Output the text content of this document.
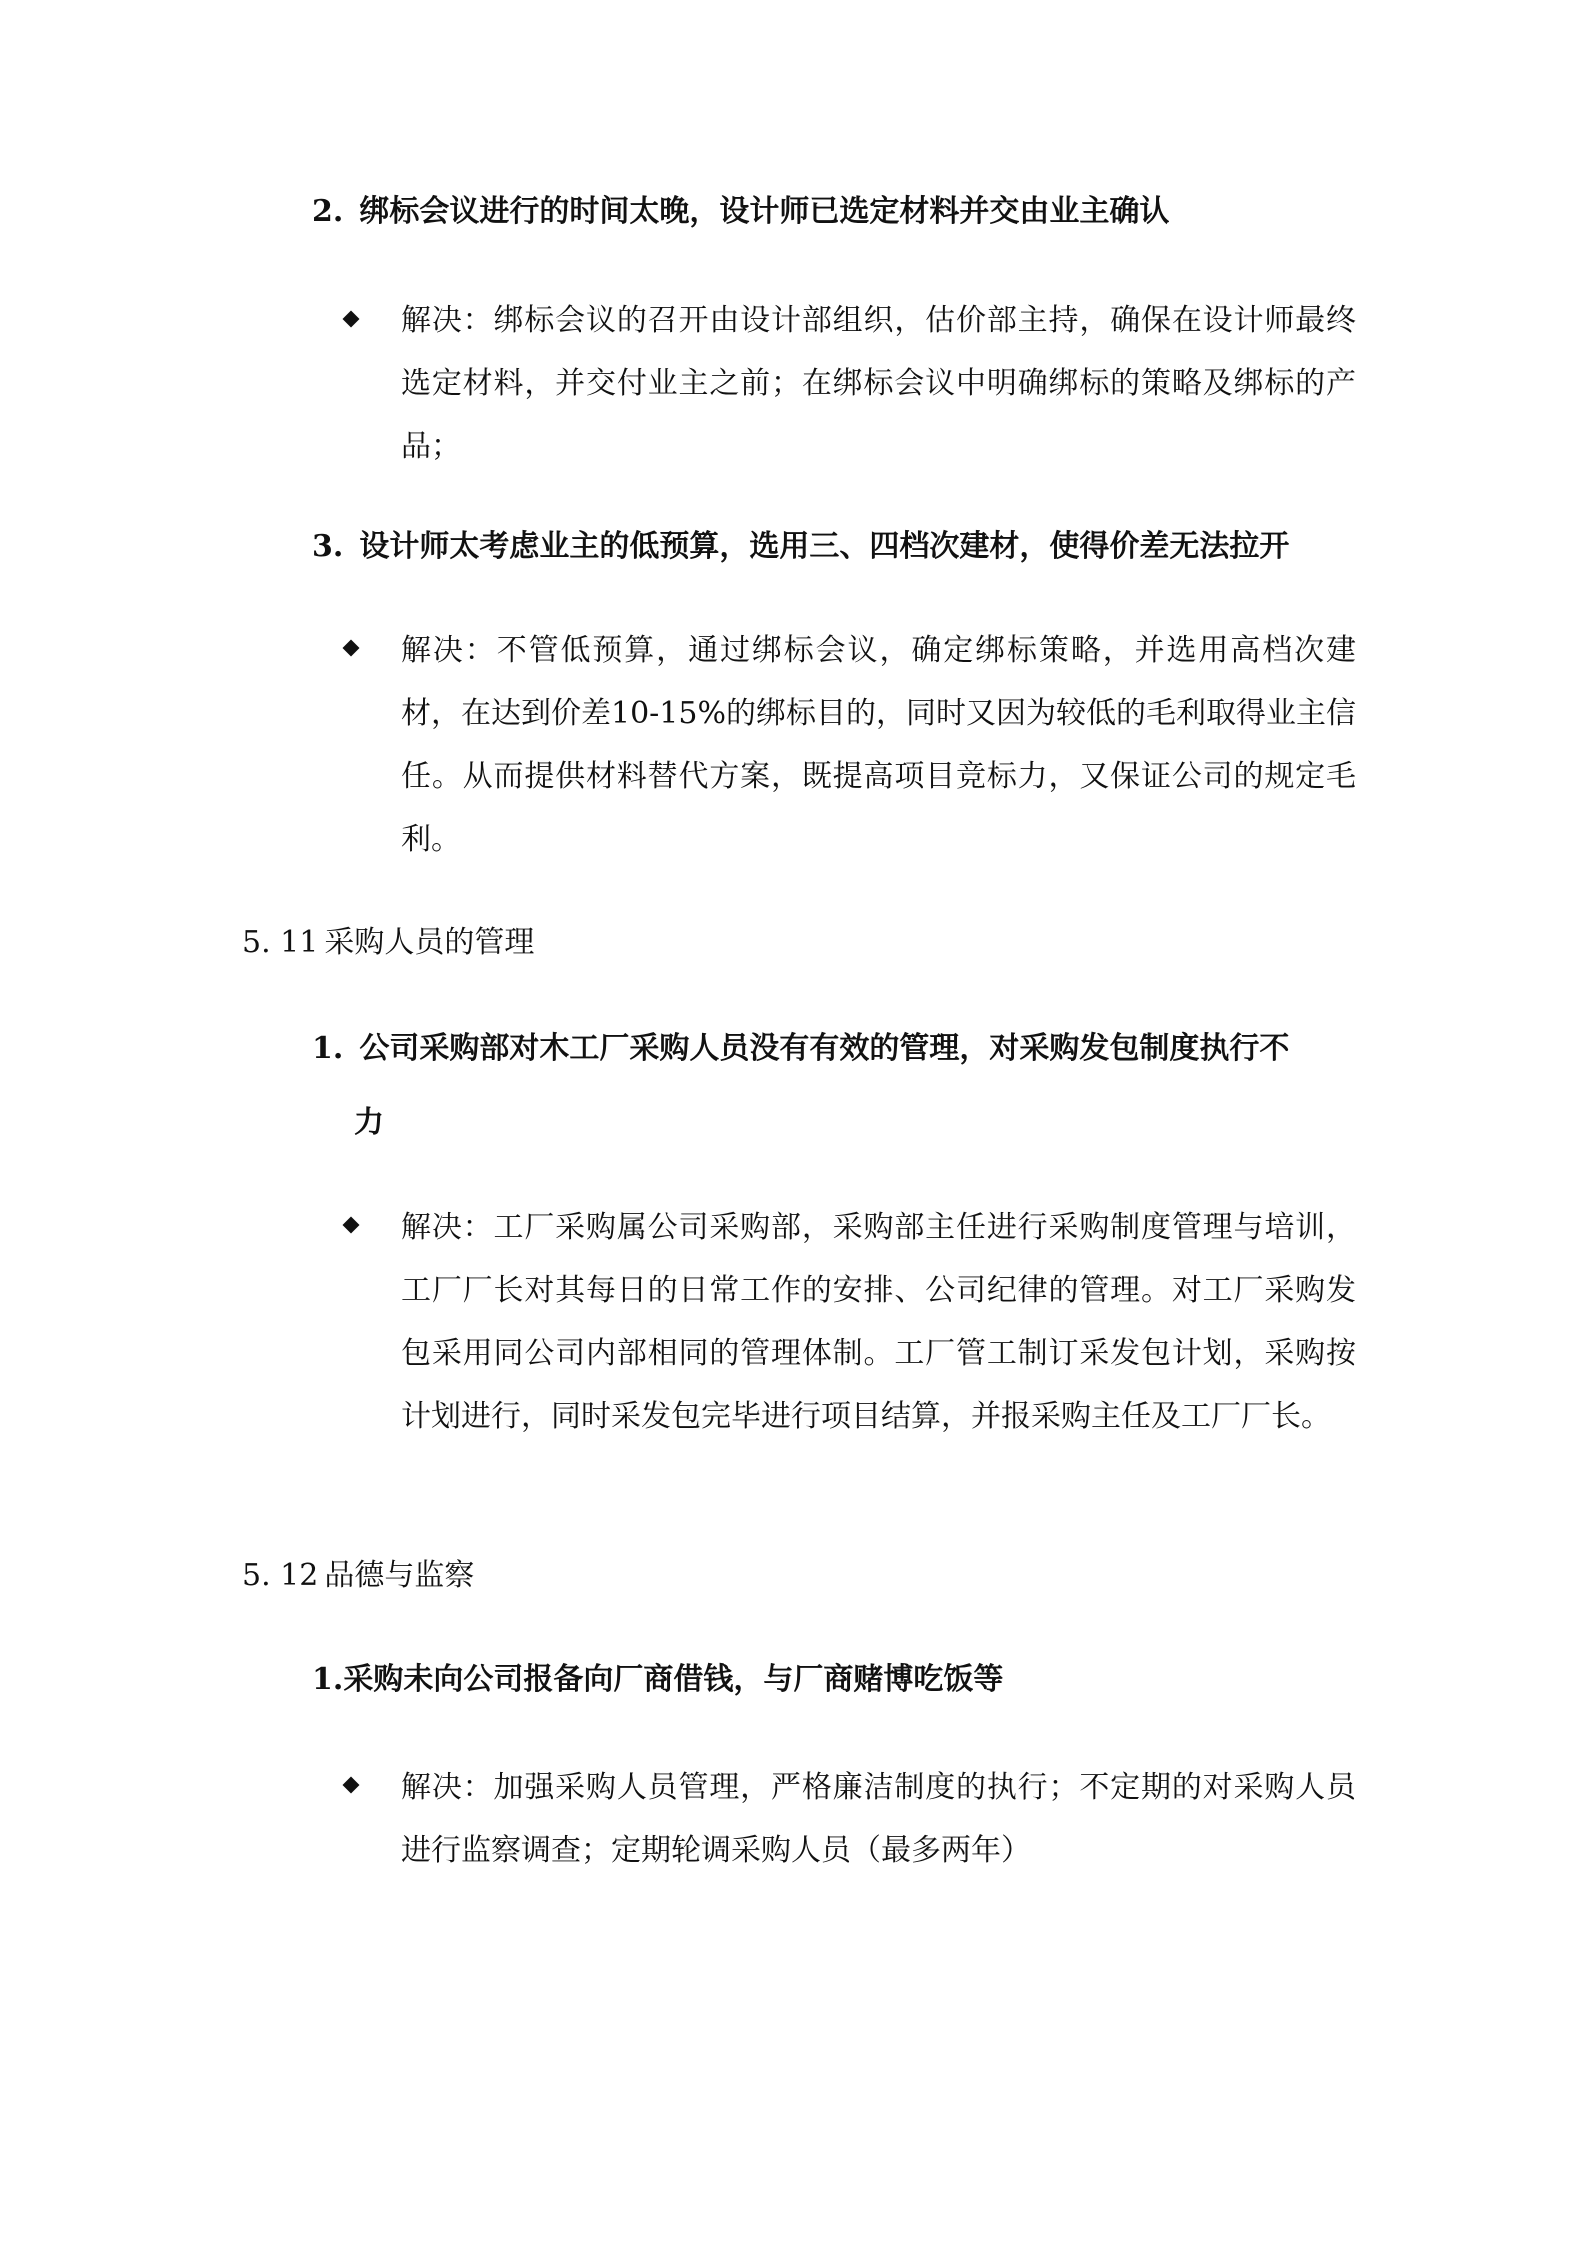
2. 绑标会议进行的时间太晚，设计师已选定材料并交由业主确认
解决：绑标会议的召开由设计部组织，估价部主持，确保在设计师最终选定材料，并交付业主之前；在绑标会议中明确绑标的策略及绑标的产品；
3. 设计师太考虑业主的低预算，选用三、四档次建材，使得价差无法拉开
解决：不管低预算，通过绑标会议，确定绑标策略，并选用高档次建材，在达到价差10-15%的绑标目的，同时又因为较低的毛利取得业主信任。从而提供材料替代方案，既提高项目竞标力，又保证公司的规定毛利。
5. 11 采购人员的管理
1. 公司采购部对木工厂采购人员没有有效的管理，对采购发包制度执行不
力
解决：工厂采购属公司采购部，采购部主任进行采购制度管理与培训，工厂厂长对其每日的日常工作的安排、公司纪律的管理。对工厂采购发包采用同公司内部相同的管理体制。工厂管工制订采发包计划，采购按计划进行，同时采发包完毕进行项目结算，并报采购主任及工厂厂长。
5. 12 品德与监察
1.采购未向公司报备向厂商借钱，与厂商赌博吃饭等
解决：加强采购人员管理，严格廉洁制度的执行；不定期的对采购人员进行监察调查；定期轮调采购人员（最多两年）
